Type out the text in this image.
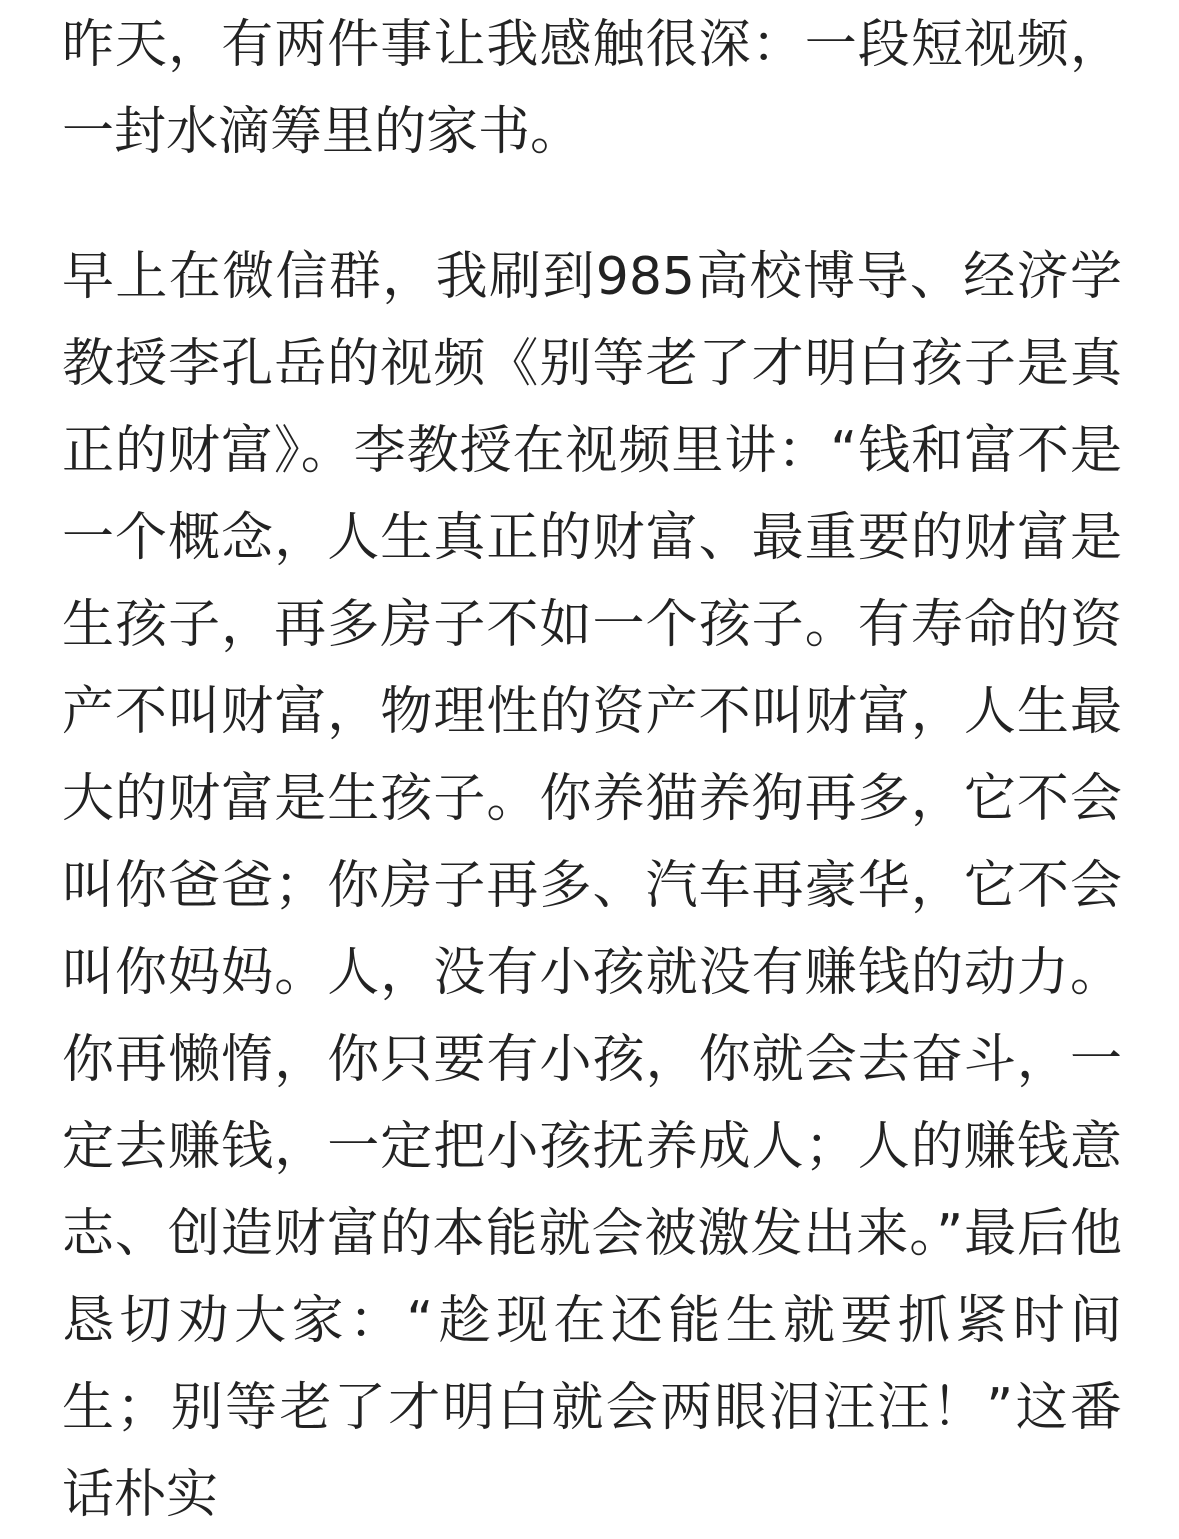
昨天，有两件事让我感触很深：一段短视频，一封水滴筹里的家书。

早上在微信群，我刷到985高校博导、经济学教授李孔岳的视频《别等老了才明白孩子是真正的财富》。李教授在视频里讲：“钱和富不是一个概念，人生真正的财富、最重要的财富是生孩子，再多房子不如一个孩子。有寿命的资产不叫财富，物理性的资产不叫财富，人生最大的财富是生孩子。你养猫养狗再多，它不会叫你爸爸；你房子再多、汽车再豪华，它不会叫你妈妈。人，没有小孩就没有赚钱的动力。你再懒惰，你只要有小孩，你就会去奋斗，一定去赚钱，一定把小孩抚养成人；人的赚钱意志、创造财富的本能就会被激发出来。”最后他恳切劝大家：“趁现在还能生就要抓紧时间生；别等老了才明白就会两眼泪汪汪！”这番话朴实
